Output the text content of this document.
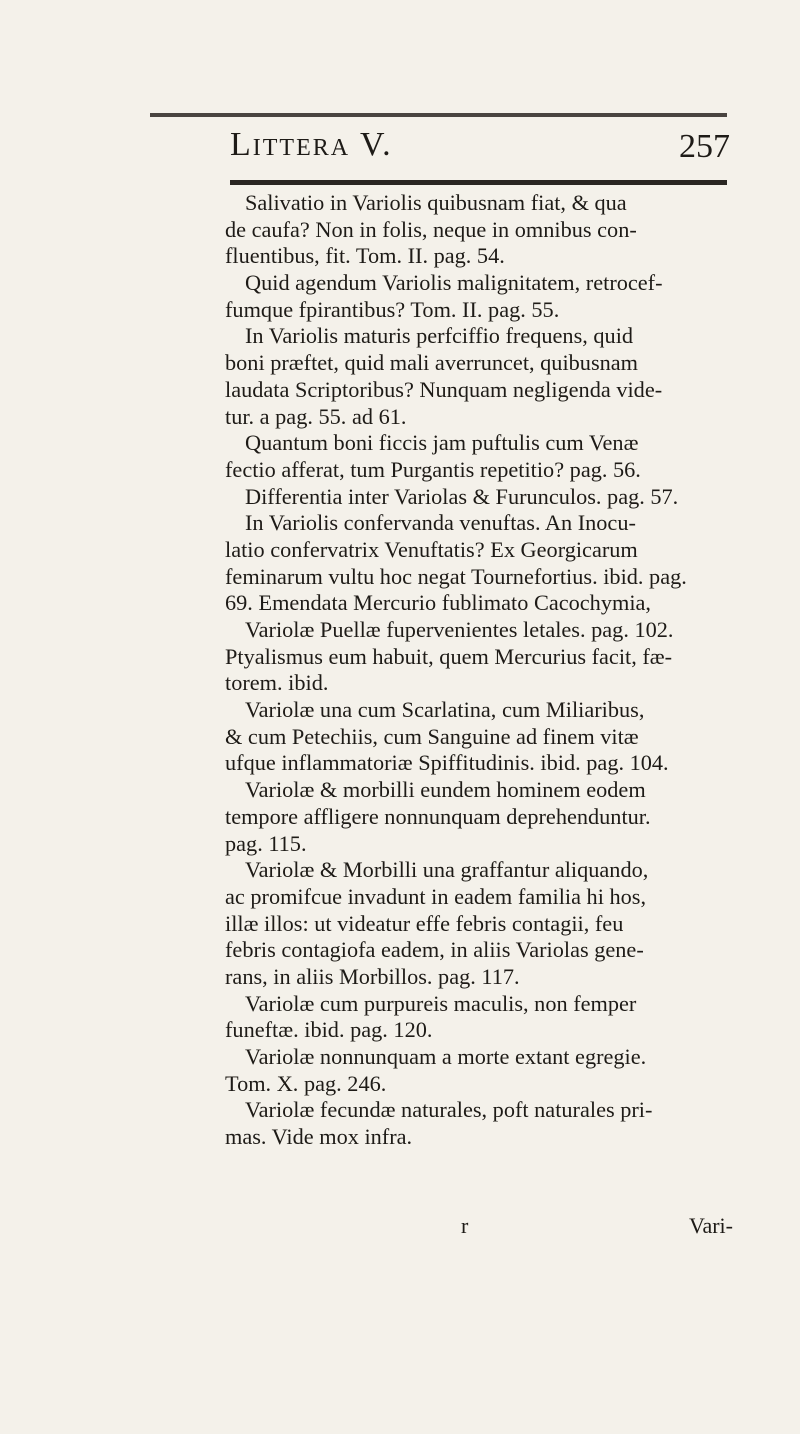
Littera V.	257
Salivatio in Variolis quibusnam fiat, & qua
de caufa? Non in folis, neque in omnibus con-
fluentibus, fit. Tom. II. pag. 54.
Quid agendum Variolis malignitatem, retrocef-
fumque fpirantibus? Tom. II. pag. 55.
In Variolis maturis perfciffio frequens, quid
boni præftet, quid mali averruncet, quibusnam
laudata Scriptoribus? Nunquam negligenda vide-
tur. a pag. 55. ad 61.
Quantum boni ficcis jam puftulis cum Venæ
fectio afferat, tum Purgantis repetitio? pag. 56.
Differentia inter Variolas & Furunculos. pag. 57.
In Variolis confervanda venuftas. An Inocu-
latio confervatrix Venuftatis? Ex Georgicarum
feminarum vultu hoc negat Tournefortius. ibid. pag.
69. Emendata Mercurio fublimato Cacochymia,
Variolæ Puellæ fupervenientes letales. pag. 102.
Ptyalismus eum habuit, quem Mercurius facit, fæ-
torem. ibid.
Variolæ una cum Scarlatina, cum Miliaribus,
& cum Petechiis, cum Sanguine ad finem vitæ
ufque inflammatoriæ Spiffitudinis. ibid. pag. 104.
Variolæ & morbilli eundem hominem eodem
tempore affligere nonnunquam deprehenduntur.
pag. 115.
Variolæ & Morbilli una graffantur aliquando,
ac promifcue invadunt in eadem familia hi hos,
illæ illos: ut videatur effe febris contagii, feu
febris contagiofa eadem, in aliis Variolas gene-
rans, in aliis Morbillos. pag. 117.
Variolæ cum purpureis maculis, non femper
funeftæ. ibid. pag. 120.
Variolæ nonnunquam a morte extant egregie.
Tom. X. pag. 246.
Variolæ fecundæ naturales, poft naturales pri-
mas. Vide mox infra.
r	Vari-
